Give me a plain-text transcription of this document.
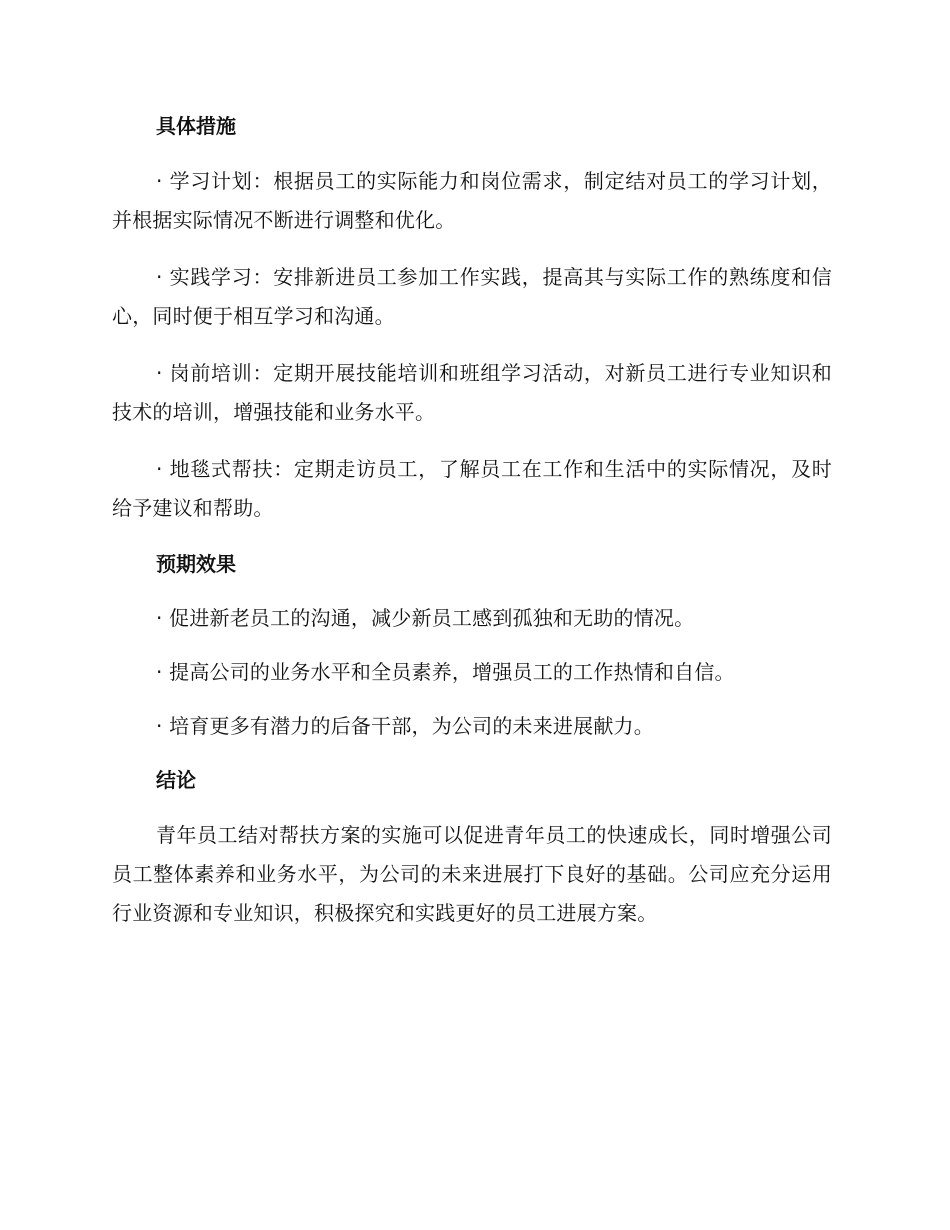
具体措施

· 学习计划：根据员工的实际能力和岗位需求，制定结对员工的学习计划，并根据实际情况不断进行调整和优化。

· 实践学习：安排新进员工参加工作实践，提高其与实际工作的熟练度和信心，同时便于相互学习和沟通。

· 岗前培训：定期开展技能培训和班组学习活动，对新员工进行专业知识和技术的培训，增强技能和业务水平。

· 地毯式帮扶：定期走访员工，了解员工在工作和生活中的实际情况，及时给予建议和帮助。

预期效果

· 促进新老员工的沟通，减少新员工感到孤独和无助的情况。

· 提高公司的业务水平和全员素养，增强员工的工作热情和自信。

· 培育更多有潜力的后备干部，为公司的未来进展献力。

结论

青年员工结对帮扶方案的实施可以促进青年员工的快速成长，同时增强公司员工整体素养和业务水平，为公司的未来进展打下良好的基础。公司应充分运用行业资源和专业知识，积极探究和实践更好的员工进展方案。
